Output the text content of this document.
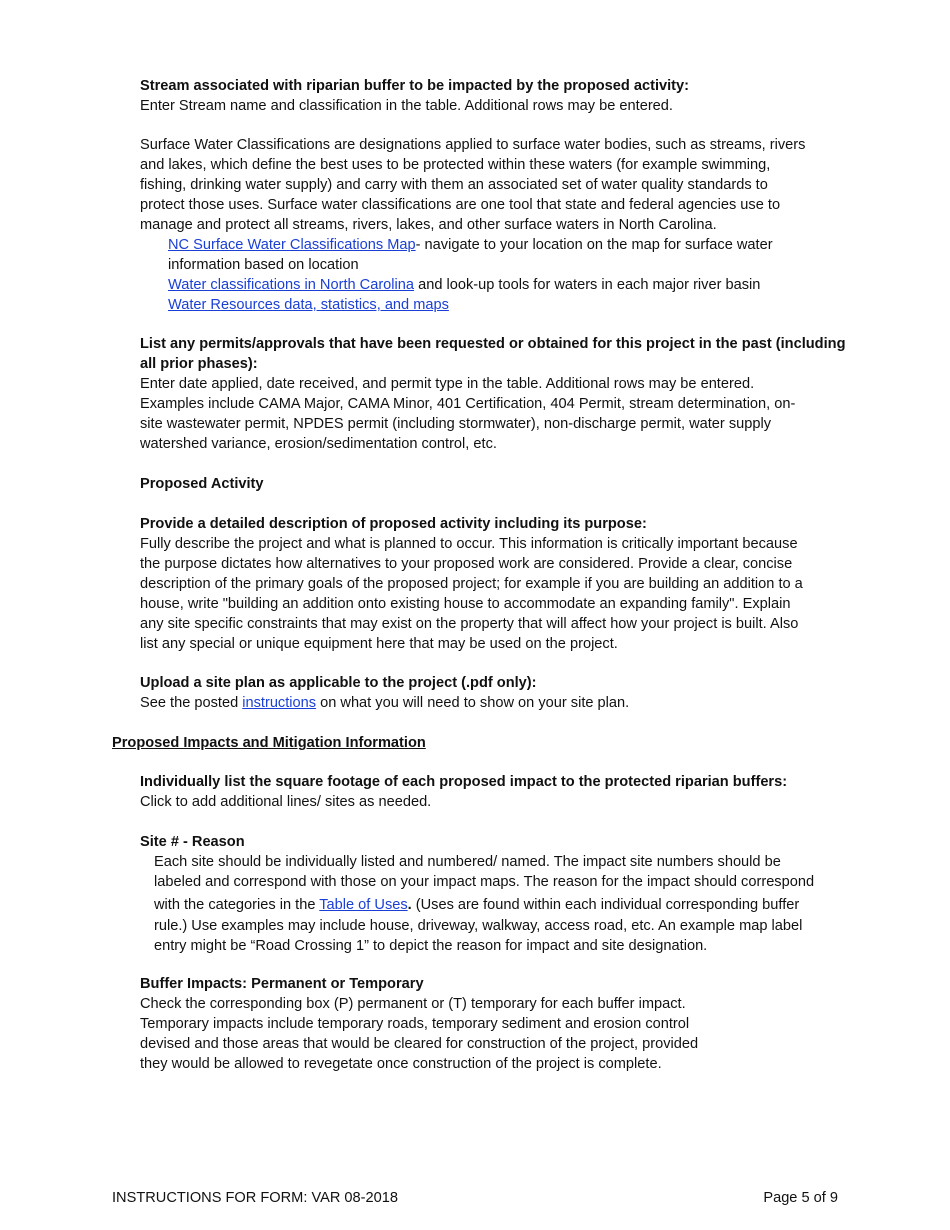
Stream associated with riparian buffer to be impacted by the proposed activity:
Enter Stream name and classification in the table. Additional rows may be entered.
Surface Water Classifications are designations applied to surface water bodies, such as streams, rivers
and lakes, which define the best uses to be protected within these waters (for example swimming,
fishing, drinking water supply) and carry with them an associated set of water quality standards to
protect those uses. Surface water classifications are one tool that state and federal agencies use to
manage and protect all streams, rivers, lakes, and other surface waters in North Carolina.
NC Surface Water Classifications Map- navigate to your location on the map for surface water
information based on location
Water classifications in North Carolina and look-up tools for waters in each major river basin
Water Resources data, statistics, and maps
List any permits/approvals that have been requested or obtained for this project in the past (including
all prior phases):
Enter date applied, date received, and permit type in the table. Additional rows may be entered.
Examples include CAMA Major, CAMA Minor, 401 Certification, 404 Permit, stream determination, on-
site wastewater permit, NPDES permit (including stormwater), non-discharge permit, water supply
watershed variance, erosion/sedimentation control, etc.
Proposed Activity
Provide a detailed description of proposed activity including its purpose:
Fully describe the project and what is planned to occur. This information is critically important because
the purpose dictates how alternatives to your proposed work are considered. Provide a clear, concise
description of the primary goals of the proposed project; for example if you are building an addition to a
house, write "building an addition onto existing house to accommodate an expanding family". Explain
any site specific constraints that may exist on the property that will affect how your project is built. Also
list any special or unique equipment here that may be used on the project.
Upload a site plan as applicable to the project (.pdf only):
See the posted instructions on what you will need to show on your site plan.
Proposed Impacts and Mitigation Information
Individually list the square footage of each proposed impact to the protected riparian buffers:
Click to add additional lines/ sites as needed.
Site # - Reason
Each site should be individually listed and numbered/ named. The impact site numbers should be
labeled and correspond with those on your impact maps. The reason for the impact should correspond
with the categories in the Table of Uses. (Uses are found within each individual corresponding buffer
rule.) Use examples may include house, driveway, walkway, access road, etc. An example map label
entry might be “Road Crossing 1” to depict the reason for impact and site designation.
Buffer Impacts: Permanent or Temporary
Check the corresponding box (P) permanent or (T) temporary for each buffer impact.
Temporary impacts include temporary roads, temporary sediment and erosion control
devised and those areas that would be cleared for construction of the project, provided
they would be allowed to revegetate once construction of the project is complete.
INSTRUCTIONS FOR FORM: VAR 08-2018	Page 5 of 9
